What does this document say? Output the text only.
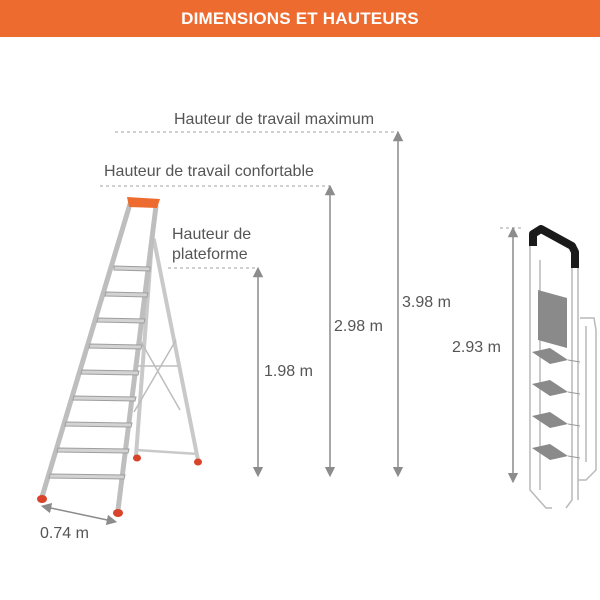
DIMENSIONS ET HAUTEURS
Hauteur de travail maximum
Hauteur de travail confortable
Hauteur de
plateforme
1.98 m
2.98 m
3.98 m
2.93 m
0.74 m
